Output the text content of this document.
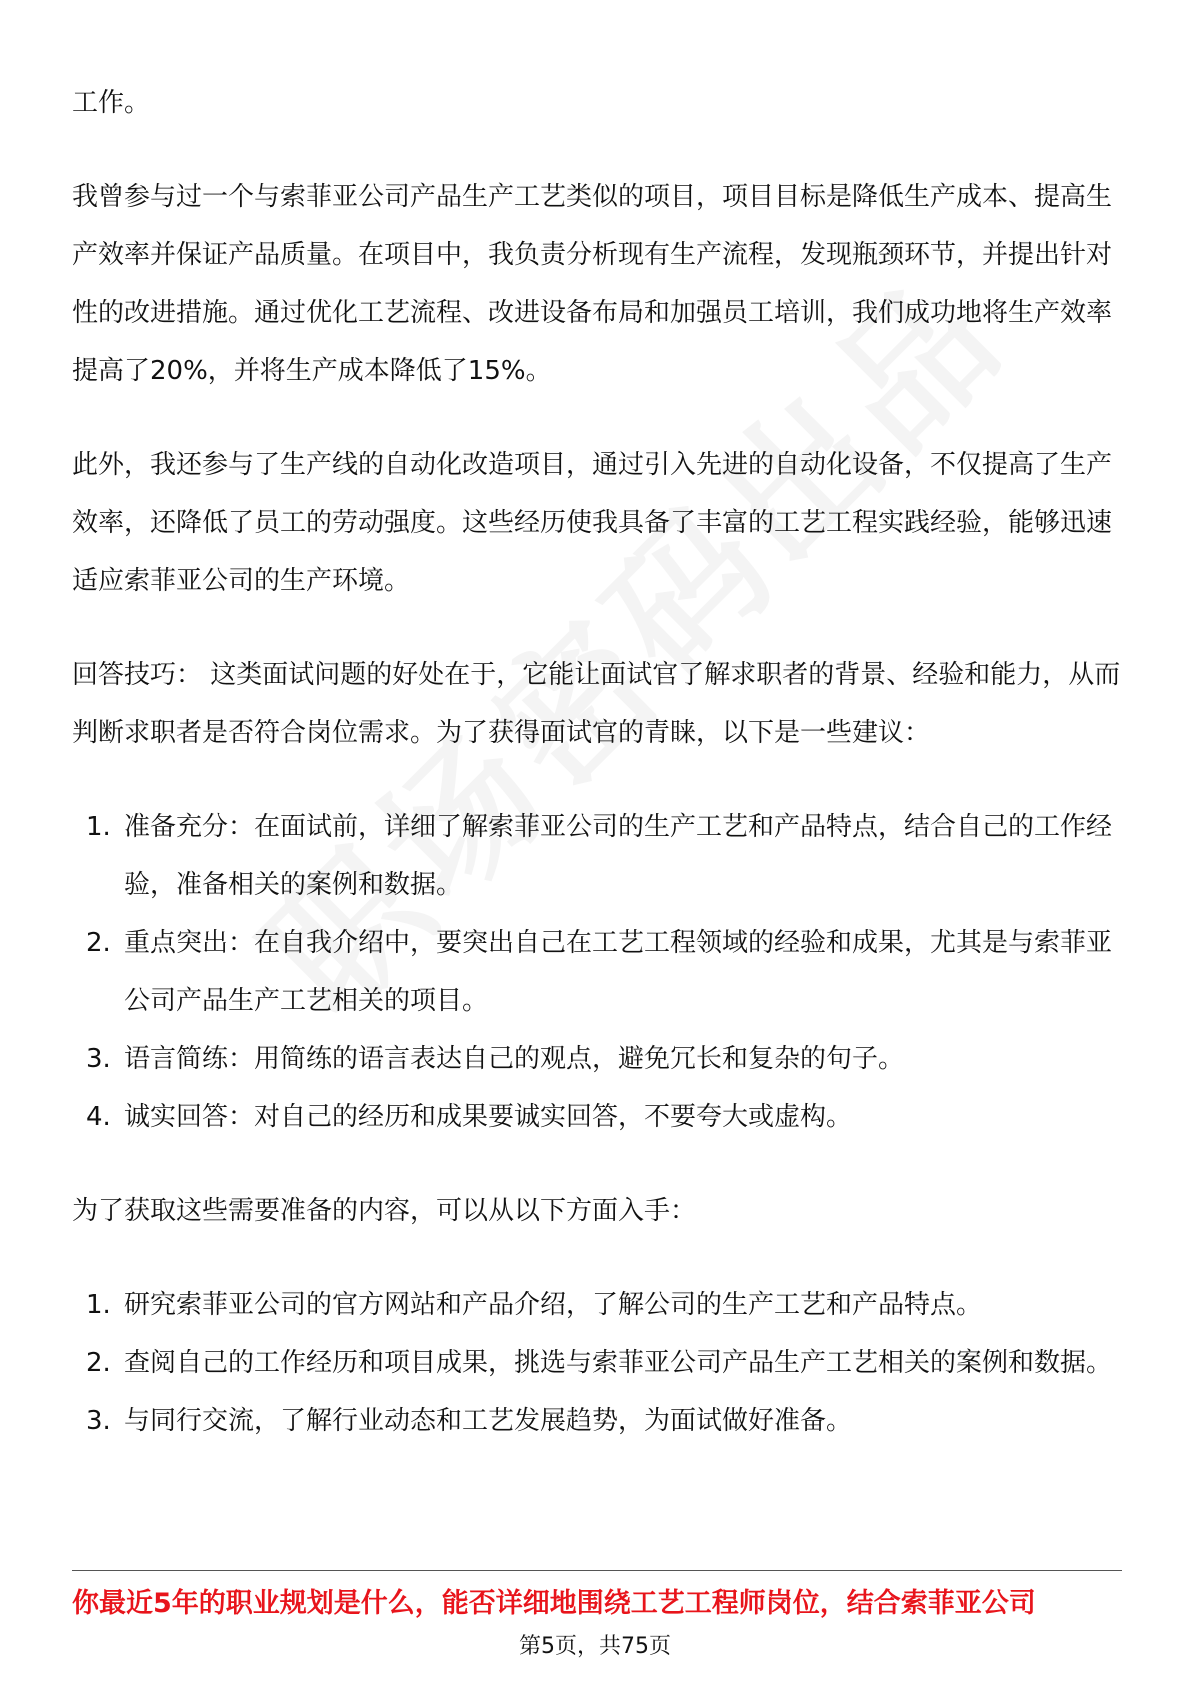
工作。

我曾参与过一个与索菲亚公司产品生产工艺类似的项目，项目目标是降低生产成本、提高生产效率并保证产品质量。在项目中，我负责分析现有生产流程，发现瓶颈环节，并提出针对性的改进措施。通过优化工艺流程、改进设备布局和加强员工培训，我们成功地将生产效率提高了20%，并将生产成本降低了15%。

此外，我还参与了生产线的自动化改造项目，通过引入先进的自动化设备，不仅提高了生产效率，还降低了员工的劳动强度。这些经历使我具备了丰富的工艺工程实践经验，能够迅速适应索菲亚公司的生产环境。

回答技巧： 这类面试问题的好处在于，它能让面试官了解求职者的背景、经验和能力，从而判断求职者是否符合岗位需求。为了获得面试官的青睐，以下是一些建议：

1. 准备充分：在面试前，详细了解索菲亚公司的生产工艺和产品特点，结合自己的工作经验，准备相关的案例和数据。
2. 重点突出：在自我介绍中，要突出自己在工艺工程领域的经验和成果，尤其是与索菲亚公司产品生产工艺相关的项目。
3. 语言简练：用简练的语言表达自己的观点，避免冗长和复杂的句子。
4. 诚实回答：对自己的经历和成果要诚实回答，不要夸大或虚构。

为了获取这些需要准备的内容，可以从以下方面入手：

1. 研究索菲亚公司的官方网站和产品介绍，了解公司的生产工艺和产品特点。
2. 查阅自己的工作经历和项目成果，挑选与索菲亚公司产品生产工艺相关的案例和数据。
3. 与同行交流，了解行业动态和工艺发展趋势，为面试做好准备。
你最近5年的职业规划是什么，能否详细地围绕工艺工程师岗位，结合索菲亚公司
第5页，共75页
